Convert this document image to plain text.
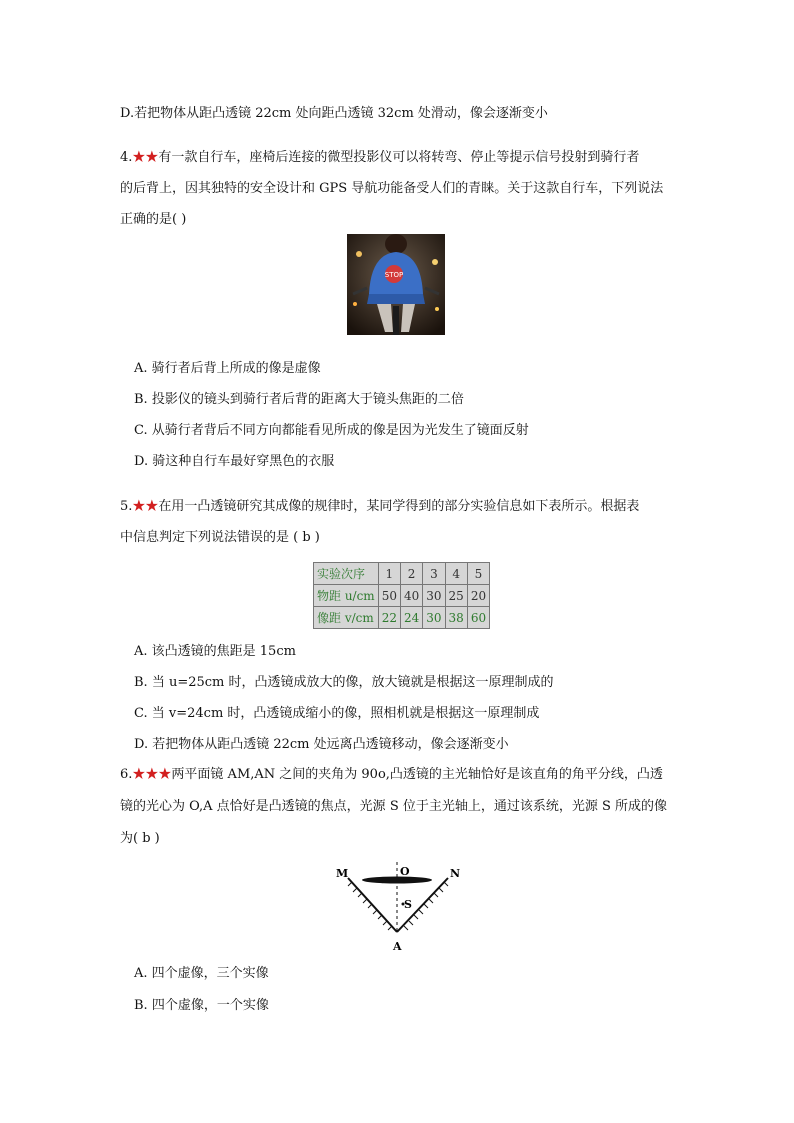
D.若把物体从距凸透镜 22cm 处向距凸透镜 32cm 处滑动，像会逐渐变小
4.★★有一款自行车，座椅后连接的微型投影仪可以将转弯、停止等提示信号投射到骑行者
的后背上，因其独特的安全设计和 GPS 导航功能备受人们的青睐。关于这款自行车，下列说法
正确的是( )
STOP
A. 骑行者后背上所成的像是虚像
B. 投影仪的镜头到骑行者后背的距离大于镜头焦距的二倍
C. 从骑行者背后不同方向都能看见所成的像是因为光发生了镜面反射
D. 骑这种自行车最好穿黑色的衣服
5.★★在用一凸透镜研究其成像的规律时，某同学得到的部分实验信息如下表所示。根据表
中信息判定下列说法错误的是 ( b )
实验次序	1	2	3	4	5
物距 u/cm	50	40	30	25	20
像距 v/cm	22	24	30	38	60
A. 该凸透镜的焦距是 15cm
B. 当 u=25cm 时，凸透镜成放大的像，放大镜就是根据这一原理制成的
C. 当 v=24cm 时，凸透镜成缩小的像，照相机就是根据这一原理制成
D. 若把物体从距凸透镜 22cm 处远离凸透镜移动，像会逐渐变小
6.★★★两平面镜 AM,AN 之间的夹角为 90o,凸透镜的主光轴恰好是该直角的角平分线，凸透
镜的光心为 O,A 点恰好是凸透镜的焦点，光源 S 位于主光轴上，通过该系统，光源 S 所成的像
为( b )
M	O	N
S
A
A. 四个虚像，三个实像
B. 四个虚像，一个实像
